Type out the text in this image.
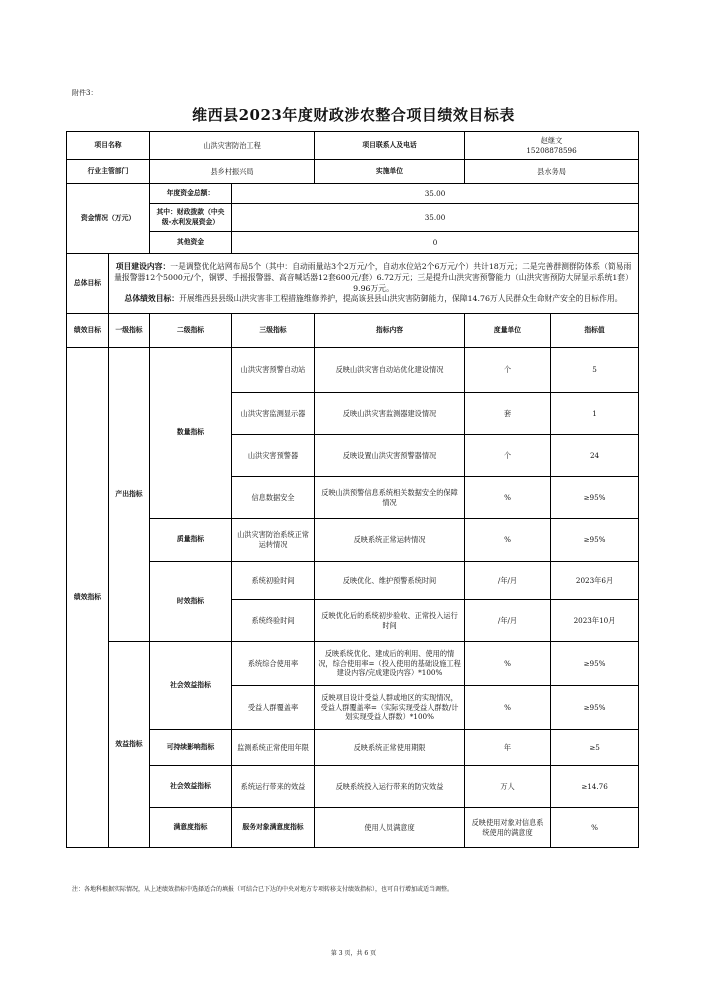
附件3：
维西县2023年度财政涉农整合项目绩效目标表
项目名称		山洪灾害防治工程		项目联系人及电话	赵继文
15208878596		

行业主管部门		县乡村振兴局		实施单位	县水务局		
资金情况（万元）		年度资金总额：	35.00				
		其中：财政拨款（中央级-水利发展资金）	35.00				
		其他资金	0				
总体目标	项目建设内容：一是调整优化站网布局5个（其中：自动雨量站3个2万元/个，自动水位站2个6万元/个）共计18万元；二是完善群测群防体系（简易雨量报警器12个5000元/个，铜锣、手摇报警器、高音喊话器12套600元/套）6.72万元；三是提升山洪灾害预警能力（山洪灾害预防大屏显示系统1套）9.96万元。
总体绩效目标：开展维西县县级山洪灾害非工程措施维修养护，提高该县县山洪灾害防御能力，保障14.76万人民群众生命财产安全的目标作用。						
绩效目标	一级指标	二级指标	三级指标	指标内容	度量单位	指标值	
绩效指标	产出指标	数量指标	山洪灾害预警自动站	反映山洪灾害自动站优化建设情况	个	5	
			山洪灾害监测显示器	反映山洪灾害监测器建设情况	套	1	
			山洪灾害预警器	反映设置山洪灾害预警器情况	个	24	
			信息数据安全	反映山洪预警信息系统相关数据安全的保障情况	%	≥95%	
		质量指标	山洪灾害防治系统正常运转情况	反映系统正常运转情况	%	≥95%	
		时效指标	系统初验时间	反映优化、维护预警系统时间	/年/月	2023年6月	
			系统终验时间	反映优化后的系统初步验收、正常投入运行时间	/年/月	2023年10月	
	效益指标	社会效益指标	系统综合使用率	反映系统优化、建成后的利用、使用的情况，综合使用率=（投入使用的基础设施工程建设内容/完成建设内容）*100%	%	≥95%	
			受益人群覆盖率	反映项目设计受益人群或地区的实现情况，受益人群覆盖率=（实际实现受益人群数/计划实现受益人群数）*100%	%	≥95%	
		可持续影响指标	监测系统正常使用年限	反映系统正常使用期限	年	≥5	
		社会效益指标	系统运行带来的效益	反映系统投入运行带来的防灾效益	万人	≥14.76	
		满意度指标	服务对象满意度指标	使用人员满意度	反映使用对象对信息系统使用的满意度	%	
注：各地科根据实际情况，从上述绩效指标中选择适合的填报（可结合已下达的中央对地方专项转移支付绩效指标），也可自行增加或适当调整。
第 3 页，共 6 页
